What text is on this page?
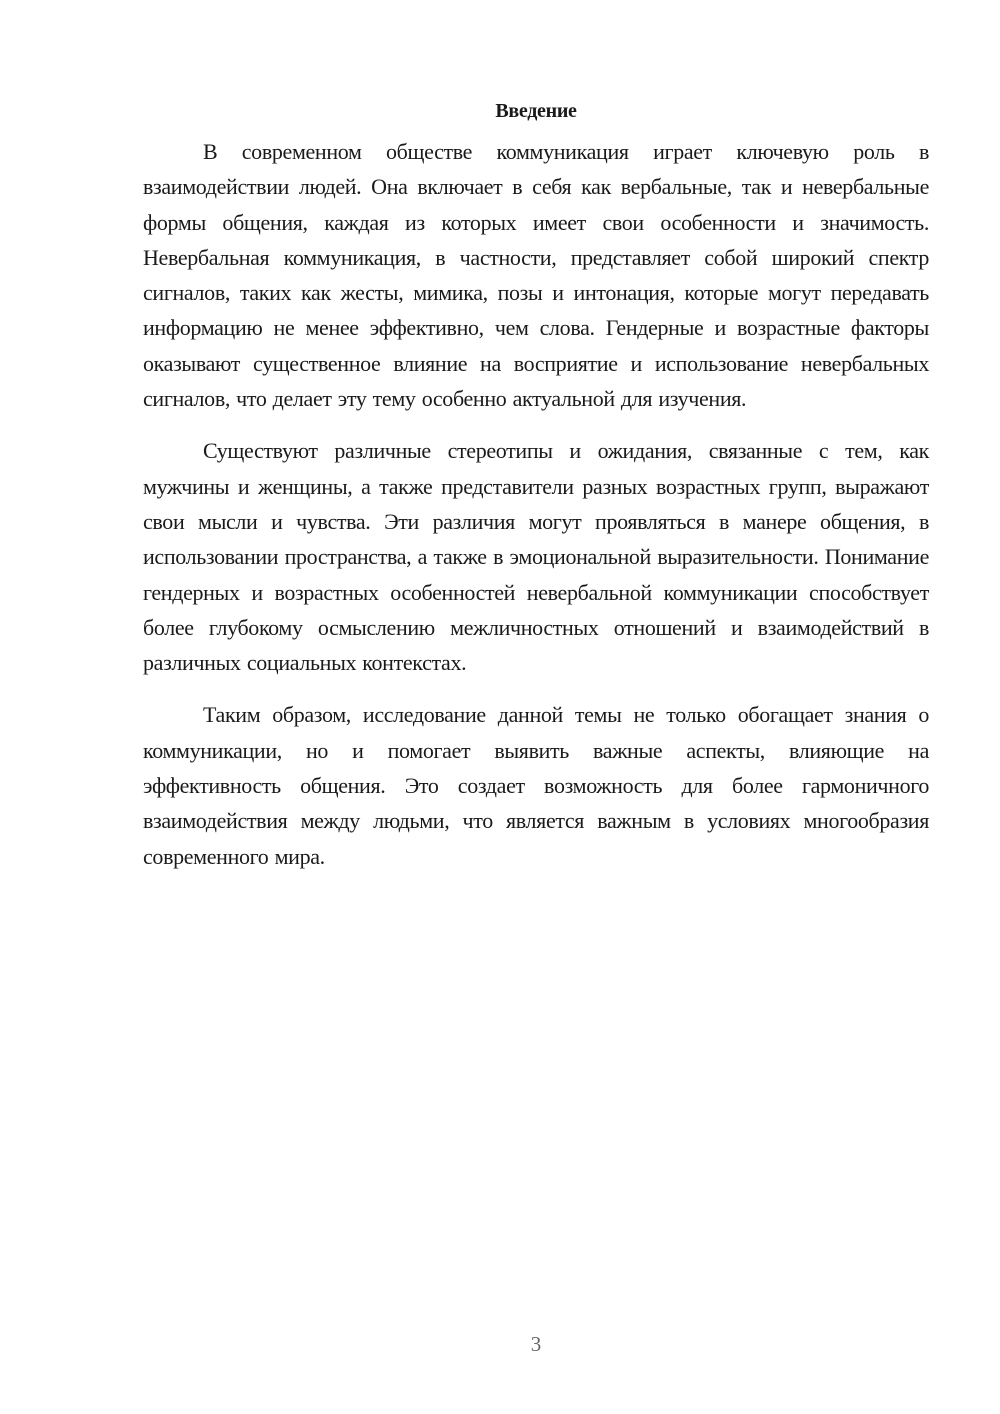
Введение

В современном обществе коммуникация играет ключевую роль в взаимодействии людей. Она включает в себя как вербальные, так и невербальные формы общения, каждая из которых имеет свои особенности и значимость. Невербальная коммуникация, в частности, представляет собой широкий спектр сигналов, таких как жесты, мимика, позы и интонация, которые могут передавать информацию не менее эффективно, чем слова. Гендерные и возрастные факторы оказывают существенное влияние на восприятие и использование невербальных сигналов, что делает эту тему особенно актуальной для изучения.

Существуют различные стереотипы и ожидания, связанные с тем, как мужчины и женщины, а также представители разных возрастных групп, выражают свои мысли и чувства. Эти различия могут проявляться в манере общения, в использовании пространства, а также в эмоциональной выразительности. Понимание гендерных и возрастных особенностей невербальной коммуникации способствует более глубокому осмыслению межличностных отношений и взаимодействий в различных социальных контекстах.

Таким образом, исследование данной темы не только обогащает знания о коммуникации, но и помогает выявить важные аспекты, влияющие на эффективность общения. Это создает возможность для более гармоничного взаимодействия между людьми, что является важным в условиях многообразия современного мира.

3
